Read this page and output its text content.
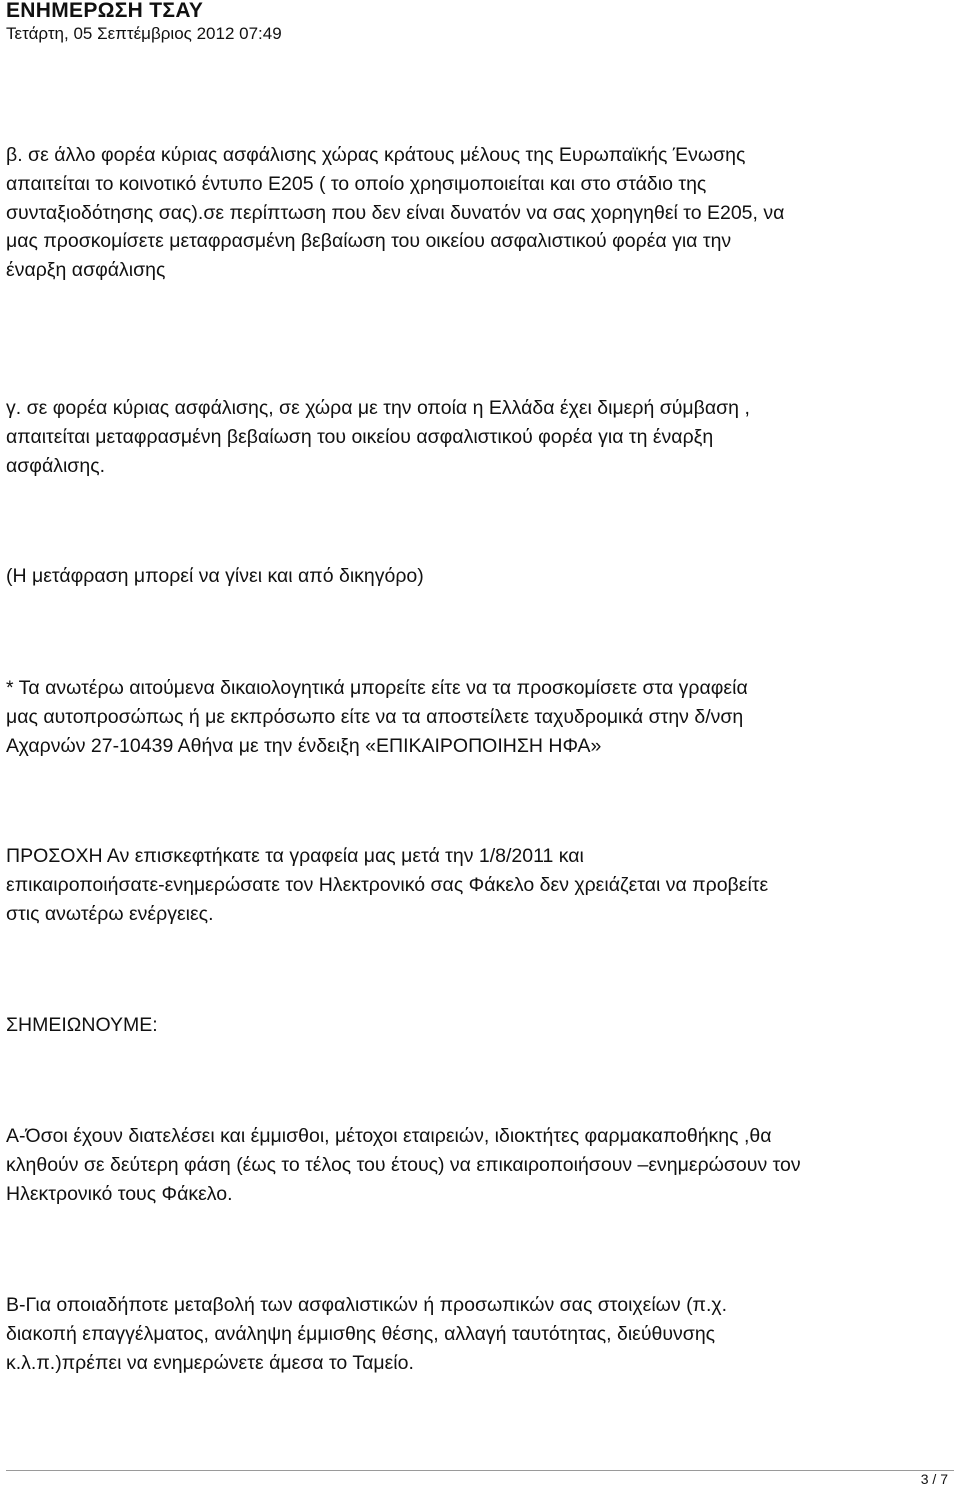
ΕΝΗΜΕΡΩΣΗ ΤΣΑΥ
Τετάρτη, 05 Σεπτέμβριος 2012 07:49

β. σε άλλο φορέα κύριας ασφάλισης χώρας κράτους μέλους της Ευρωπαϊκής Ένωσης
απαιτείται το κοινοτικό έντυπο Ε205 ( το οποίο χρησιμοποιείται και στο στάδιο της
συνταξιοδότησης σας).σε περίπτωση που δεν είναι δυνατόν να σας χορηγηθεί το Ε205, να
μας προσκομίσετε μεταφρασμένη βεβαίωση του οικείου ασφαλιστικού φορέα για την
έναρξη ασφάλισης

γ. σε φορέα κύριας ασφάλισης, σε χώρα με την οποία η Ελλάδα έχει διμερή σύμβαση ,
απαιτείται μεταφρασμένη βεβαίωση του οικείου ασφαλιστικού φορέα για τη έναρξη
ασφάλισης.

(Η μετάφραση μπορεί να γίνει και από δικηγόρο)

* Τα ανωτέρω αιτούμενα δικαιολογητικά μπορείτε είτε να τα προσκομίσετε στα γραφεία
μας αυτοπροσώπως ή με εκπρόσωπο είτε να τα αποστείλετε ταχυδρομικά στην δ/νση
Αχαρνών 27-10439 Αθήνα με την ένδειξη «ΕΠΙΚΑΙΡΟΠΟΙΗΣΗ ΗΦΑ»

ΠΡΟΣΟΧΗ Αν επισκεφτήκατε τα γραφεία μας μετά την 1/8/2011 και
επικαιροποιήσατε-ενημερώσατε τον Ηλεκτρονικό σας Φάκελο δεν χρειάζεται να προβείτε
στις ανωτέρω ενέργειες.

ΣΗΜΕΙΩΝΟΥΜΕ:

Α-Όσοι έχουν διατελέσει και έμμισθοι, μέτοχοι εταιρειών, ιδιοκτήτες φαρμακαποθήκης ,θα
κληθούν σε δεύτερη φάση (έως το τέλος του έτους) να επικαιροποιήσουν –ενημερώσουν τον
Ηλεκτρονικό τους Φάκελο.

Β-Για οποιαδήποτε μεταβολή των ασφαλιστικών ή προσωπικών σας στοιχείων (π.χ.
διακοπή επαγγέλματος, ανάληψη έμμισθης θέσης, αλλαγή ταυτότητας, διεύθυνσης
κ.λ.π.)πρέπει να ενημερώνετε άμεσα το Ταμείο.

3 / 7
